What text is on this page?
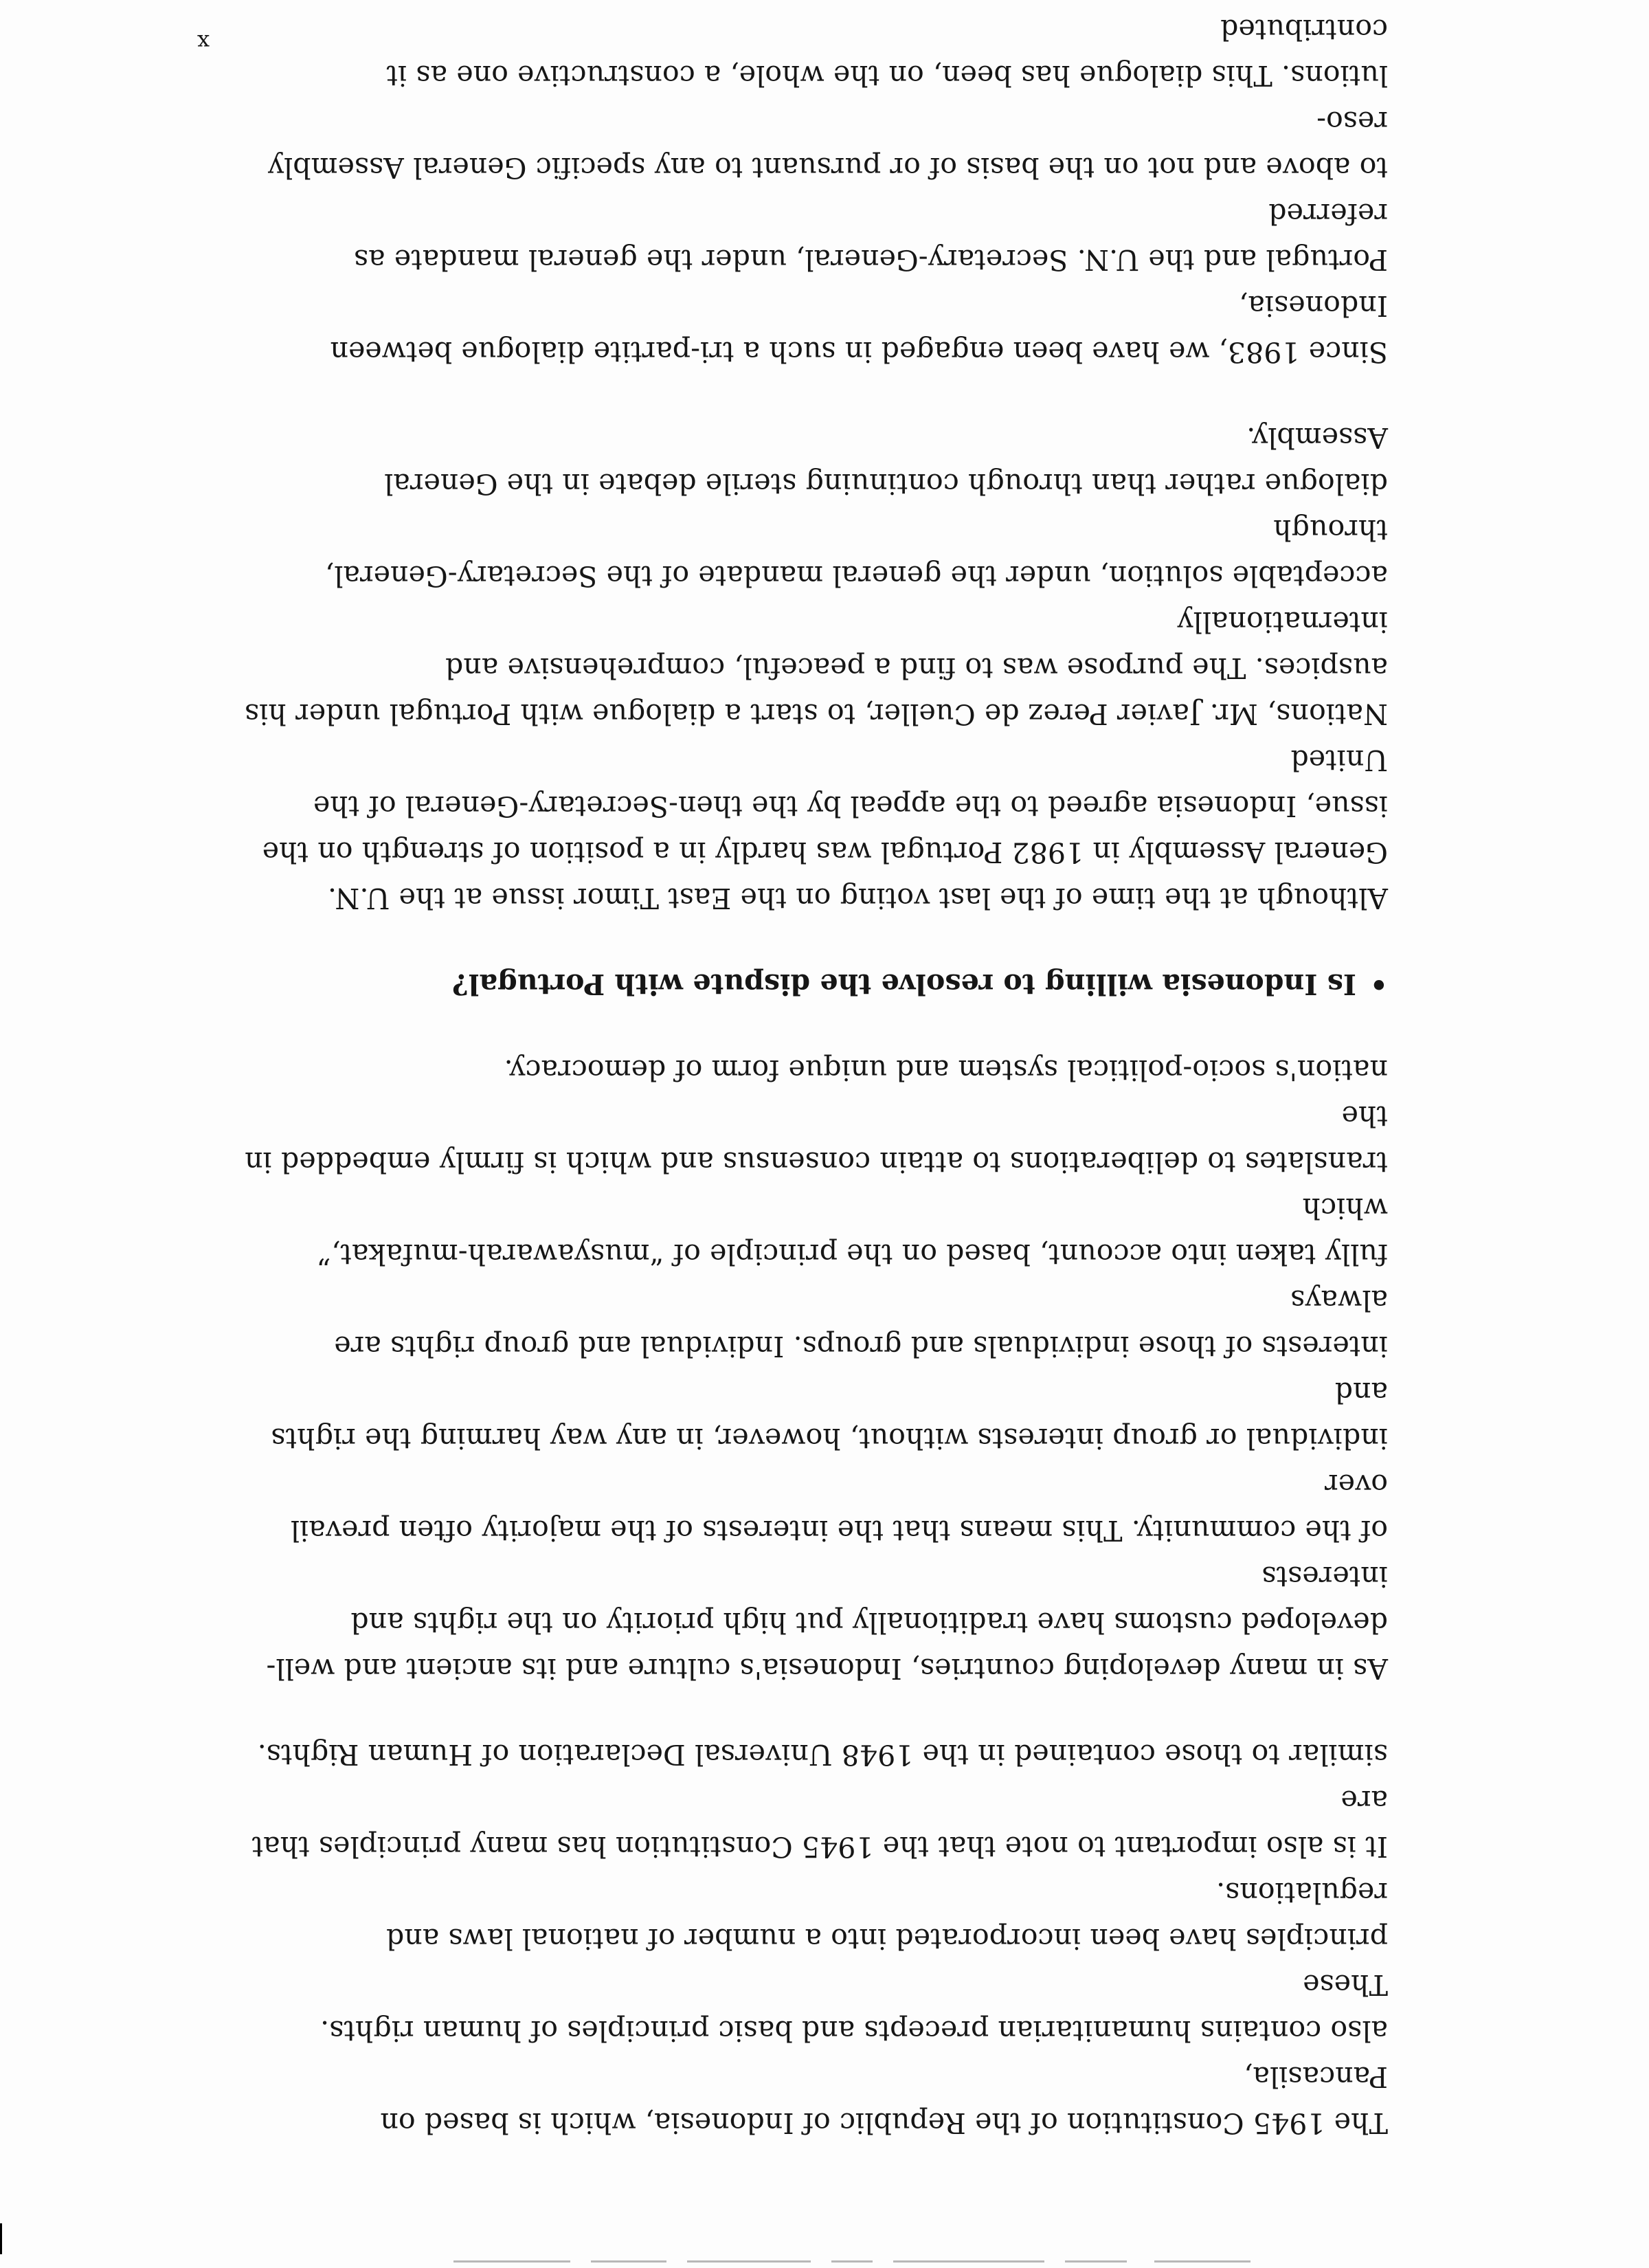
The 1945 Constitution of the Republic of Indonesia, which is based on Pancasila,
also contains humanitarian precepts and basic principles of human rights. These
principles have been incorporated into a number of national laws and regulations.
It is also important to note that the 1945 Constitution has many principles that are
similar to those contained in the 1948 Universal Declaration of Human Rights.

As in many developing countries, Indonesia's culture and its ancient and well-
developed customs have traditionally put high priority on the rights and interests
of the community. This means that the interests of the majority often prevail over
individual or group interests without, however, in any way harming the rights and
interests of those individuals and groups. Individual and group rights are always
fully taken into account, based on the principle of “musyawarah-mufakat,” which
translates to deliberations to attain consensus and which is firmly embedded in the
nation's socio-political system and unique form of democracy.

•Is Indonesia willing to resolve the dispute with Portugal?

Although at the time of the last voting on the East Timor issue at the U.N.
General Assembly in 1982 Portugal was hardly in a position of strength on the
issue, Indonesia agreed to the appeal by the then-Secretary-General of the United
Nations, Mr. Javier Perez de Cueller, to start a dialogue with Portugal under his
auspices. The purpose was to find a peaceful, comprehensive and internationally
acceptable solution, under the general mandate of the Secretary-General, through
dialogue rather than through continuing sterile debate in the General Assembly.

Since 1983, we have been engaged in such a tri-partite dialogue between Indonesia,
Portugal and the U.N. Secretary-General, under the general mandate as referred
to above and not on the basis of or pursuant to any specific General Assembly reso-
lutions. This dialogue has been, on the whole, a constructive one as it contributed

x
